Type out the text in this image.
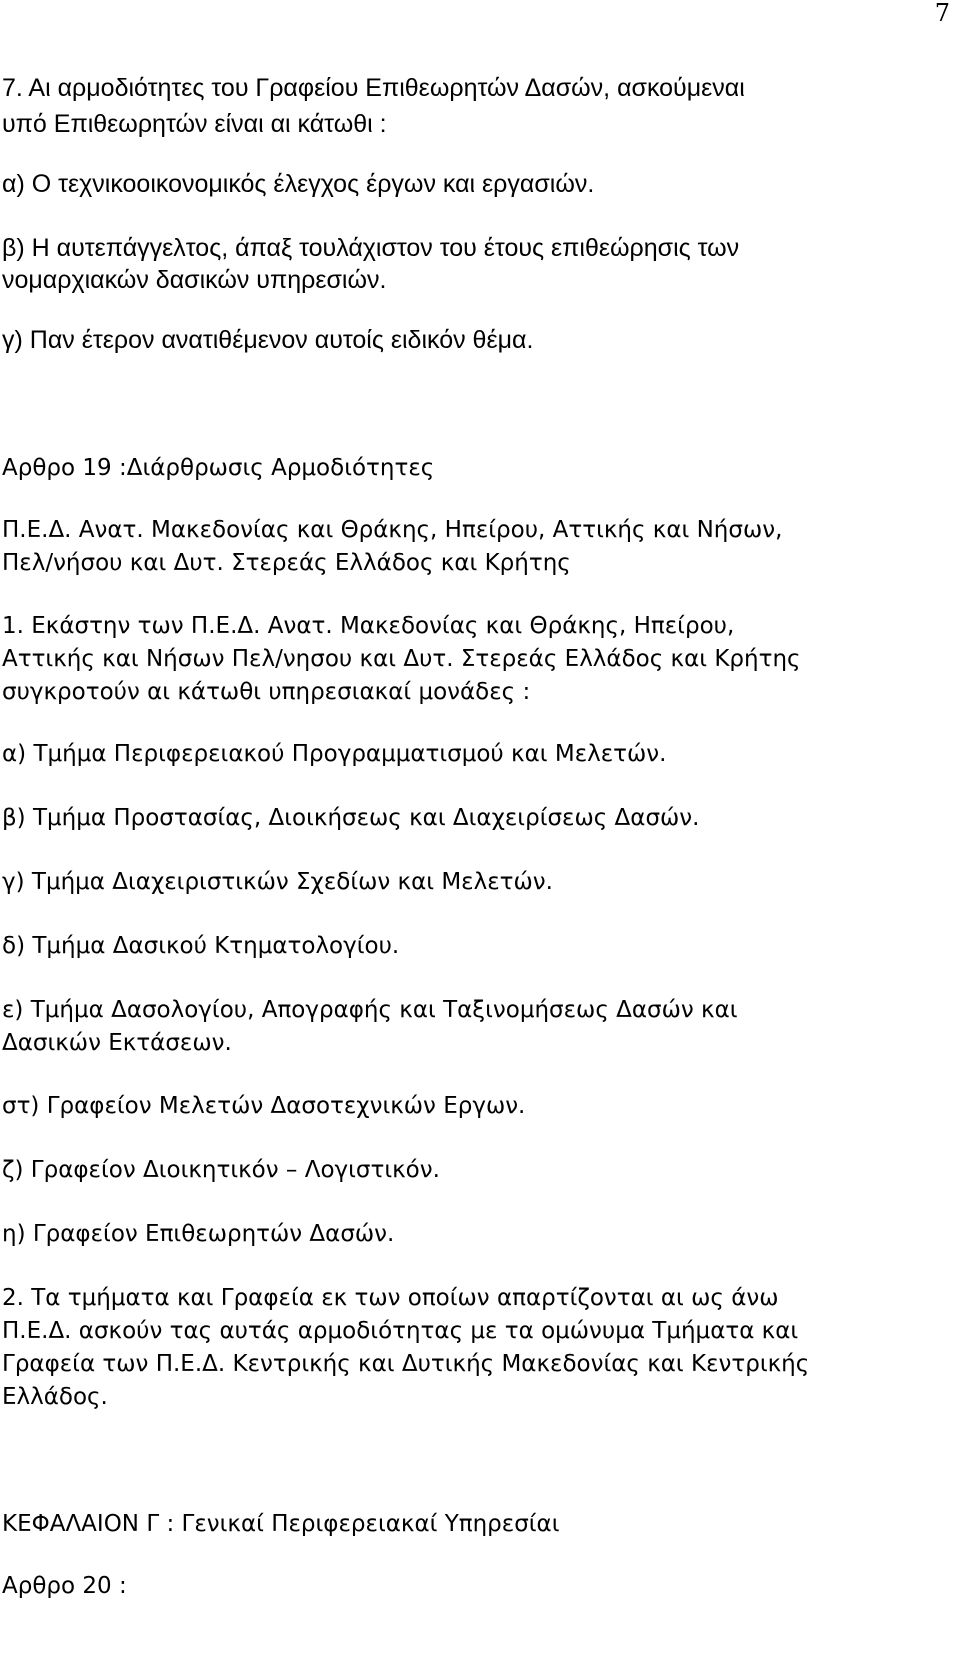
7
7. Αι αρμοδιότητες του Γραφείου Επιθεωρητών Δασών, ασκούμεναι
υπό Επιθεωρητών είναι αι κάτωθι :
α) Ο τεχνικοοικονομικός έλεγχος έργων και εργασιών.
β) Η αυτεπάγγελτος, άπαξ τουλάχιστον του έτους επιθεώρησις των
νομαρχιακών δασικών υπηρεσιών.
γ) Παν έτερον ανατιθέμενον αυτοίς ειδικόν θέμα.
Αρθρο 19 :Διάρθρωσις Αρμοδιότητες
Π.Ε.Δ. Ανατ. Μακεδονίας και Θράκης, Ηπείρου, Αττικής και Νήσων,
Πελ/νήσου και Δυτ. Στερεάς Ελλάδος και Κρήτης
1. Εκάστην των Π.Ε.Δ. Ανατ. Μακεδονίας και Θράκης, Ηπείρου,
Αττικής και Νήσων Πελ/νησου και Δυτ. Στερεάς Ελλάδος και Κρήτης
συγκροτούν αι κάτωθι υπηρεσιακαί μονάδες :
α) Τμήμα Περιφερειακού Προγραμματισμού και Μελετών.
β) Τμήμα Προστασίας, Διοικήσεως και Διαχειρίσεως Δασών.
γ) Τμήμα Διαχειριστικών Σχεδίων και Μελετών.
δ) Τμήμα Δασικού Κτηματολογίου.
ε) Τμήμα Δασολογίου, Απογραφής και Ταξινομήσεως Δασών και
Δασικών Εκτάσεων.
στ) Γραφείον Μελετών Δασοτεχνικών Εργων.
ζ) Γραφείον Διοικητικόν – Λογιστικόν.
η) Γραφείον Επιθεωρητών Δασών.
2. Τα τμήματα και Γραφεία εκ των οποίων απαρτίζονται αι ως άνω
Π.Ε.Δ. ασκούν τας αυτάς αρμοδιότητας με τα ομώνυμα Τμήματα και
Γραφεία των Π.Ε.Δ. Κεντρικής και Δυτικής Μακεδονίας και Κεντρικής
Ελλάδος.
ΚΕΦΑΛΑΙΟΝ Γ : Γενικαί Περιφερειακαί Υπηρεσίαι
Αρθρο 20 :
